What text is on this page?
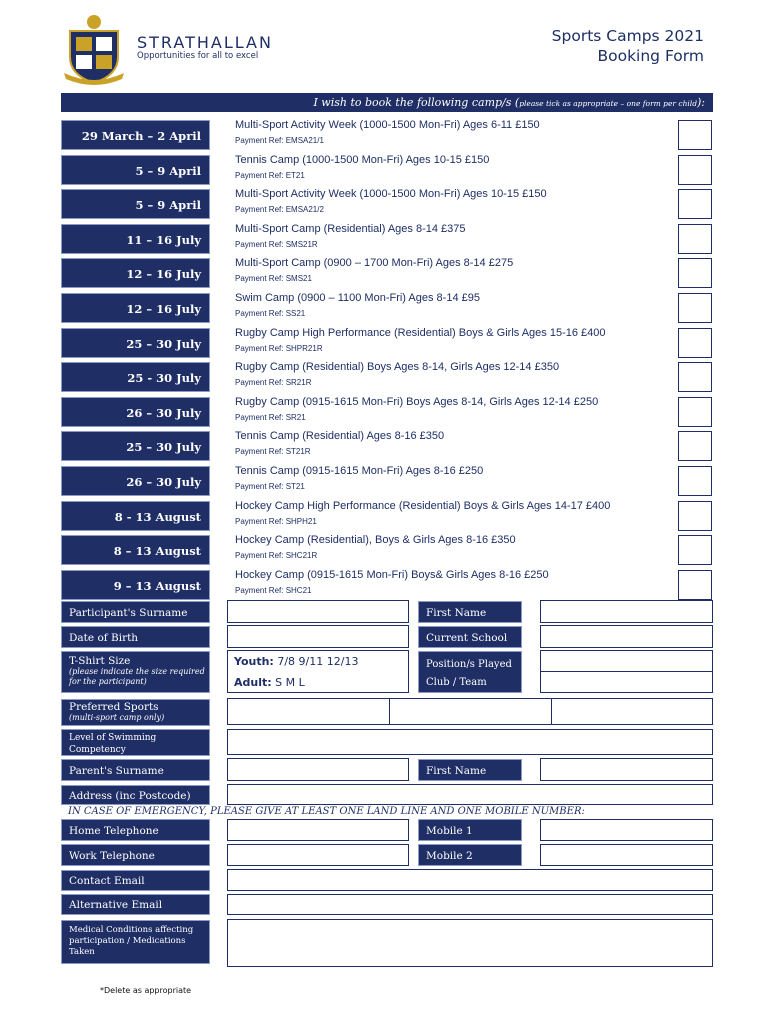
STRATHALLAN
Opportunities for all to excel
Sports Camps 2021
Booking Form
I wish to book the following camp/s (please tick as appropriate – one form per child):
29 March – 2 April
Multi-Sport Activity Week (1000-1500 Mon-Fri) Ages 6-11 £150
Payment Ref: EMSA21/1
5 – 9 April
Tennis Camp (1000-1500 Mon-Fri) Ages 10-15 £150
Payment Ref: ET21
5 – 9 April
Multi-Sport Activity Week (1000-1500 Mon-Fri) Ages 10-15 £150
Payment Ref: EMSA21/2
11 – 16 July
Multi-Sport Camp (Residential) Ages 8-14 £375
Payment Ref: SMS21R
12 – 16 July
Multi-Sport Camp (0900 – 1700 Mon-Fri) Ages 8-14 £275
Payment Ref: SMS21
12 – 16 July
Swim Camp (0900 – 1100 Mon-Fri) Ages 8-14 £95
Payment Ref: SS21
25 – 30 July
Rugby Camp High Performance (Residential) Boys & Girls Ages 15-16 £400
Payment Ref: SHPR21R
25 - 30 July
Rugby Camp (Residential) Boys Ages 8-14, Girls Ages 12-14 £350
Payment Ref: SR21R
26 – 30 July
Rugby Camp (0915-1615 Mon-Fri) Boys Ages 8-14, Girls Ages 12-14 £250
Payment Ref: SR21
25 – 30 July
Tennis Camp (Residential) Ages 8-16 £350
Payment Ref: ST21R
26 – 30 July
Tennis Camp (0915-1615 Mon-Fri) Ages 8-16 £250
Payment Ref: ST21
8 - 13 August
Hockey Camp High Performance (Residential) Boys & Girls Ages 14-17 £400
Payment Ref: SHPH21
8 – 13 August
Hockey Camp (Residential), Boys & Girls Ages 8-16 £350
Payment Ref: SHC21R
9 – 13 August
Hockey Camp (0915-1615 Mon-Fri) Boys& Girls Ages 8-16 £250
Payment Ref: SHC21
Participant's Surname	First Name
Date of Birth	Current School
T-Shirt Size
(please indicate the size required for the participant)
Youth: 7/8 9/11 12/13
Adult: S M L
Position/s Played
Club / Team
Preferred Sports
(multi-sport camp only)
Level of Swimming Competency
Parent's Surname	First Name
Address (inc Postcode)
IN CASE OF EMERGENCY, PLEASE GIVE AT LEAST ONE LAND LINE AND ONE MOBILE NUMBER:
Home Telephone	Mobile 1
Work Telephone	Mobile 2
Contact Email
Alternative Email
Medical Conditions affecting participation / Medications Taken
*Delete as appropriate
